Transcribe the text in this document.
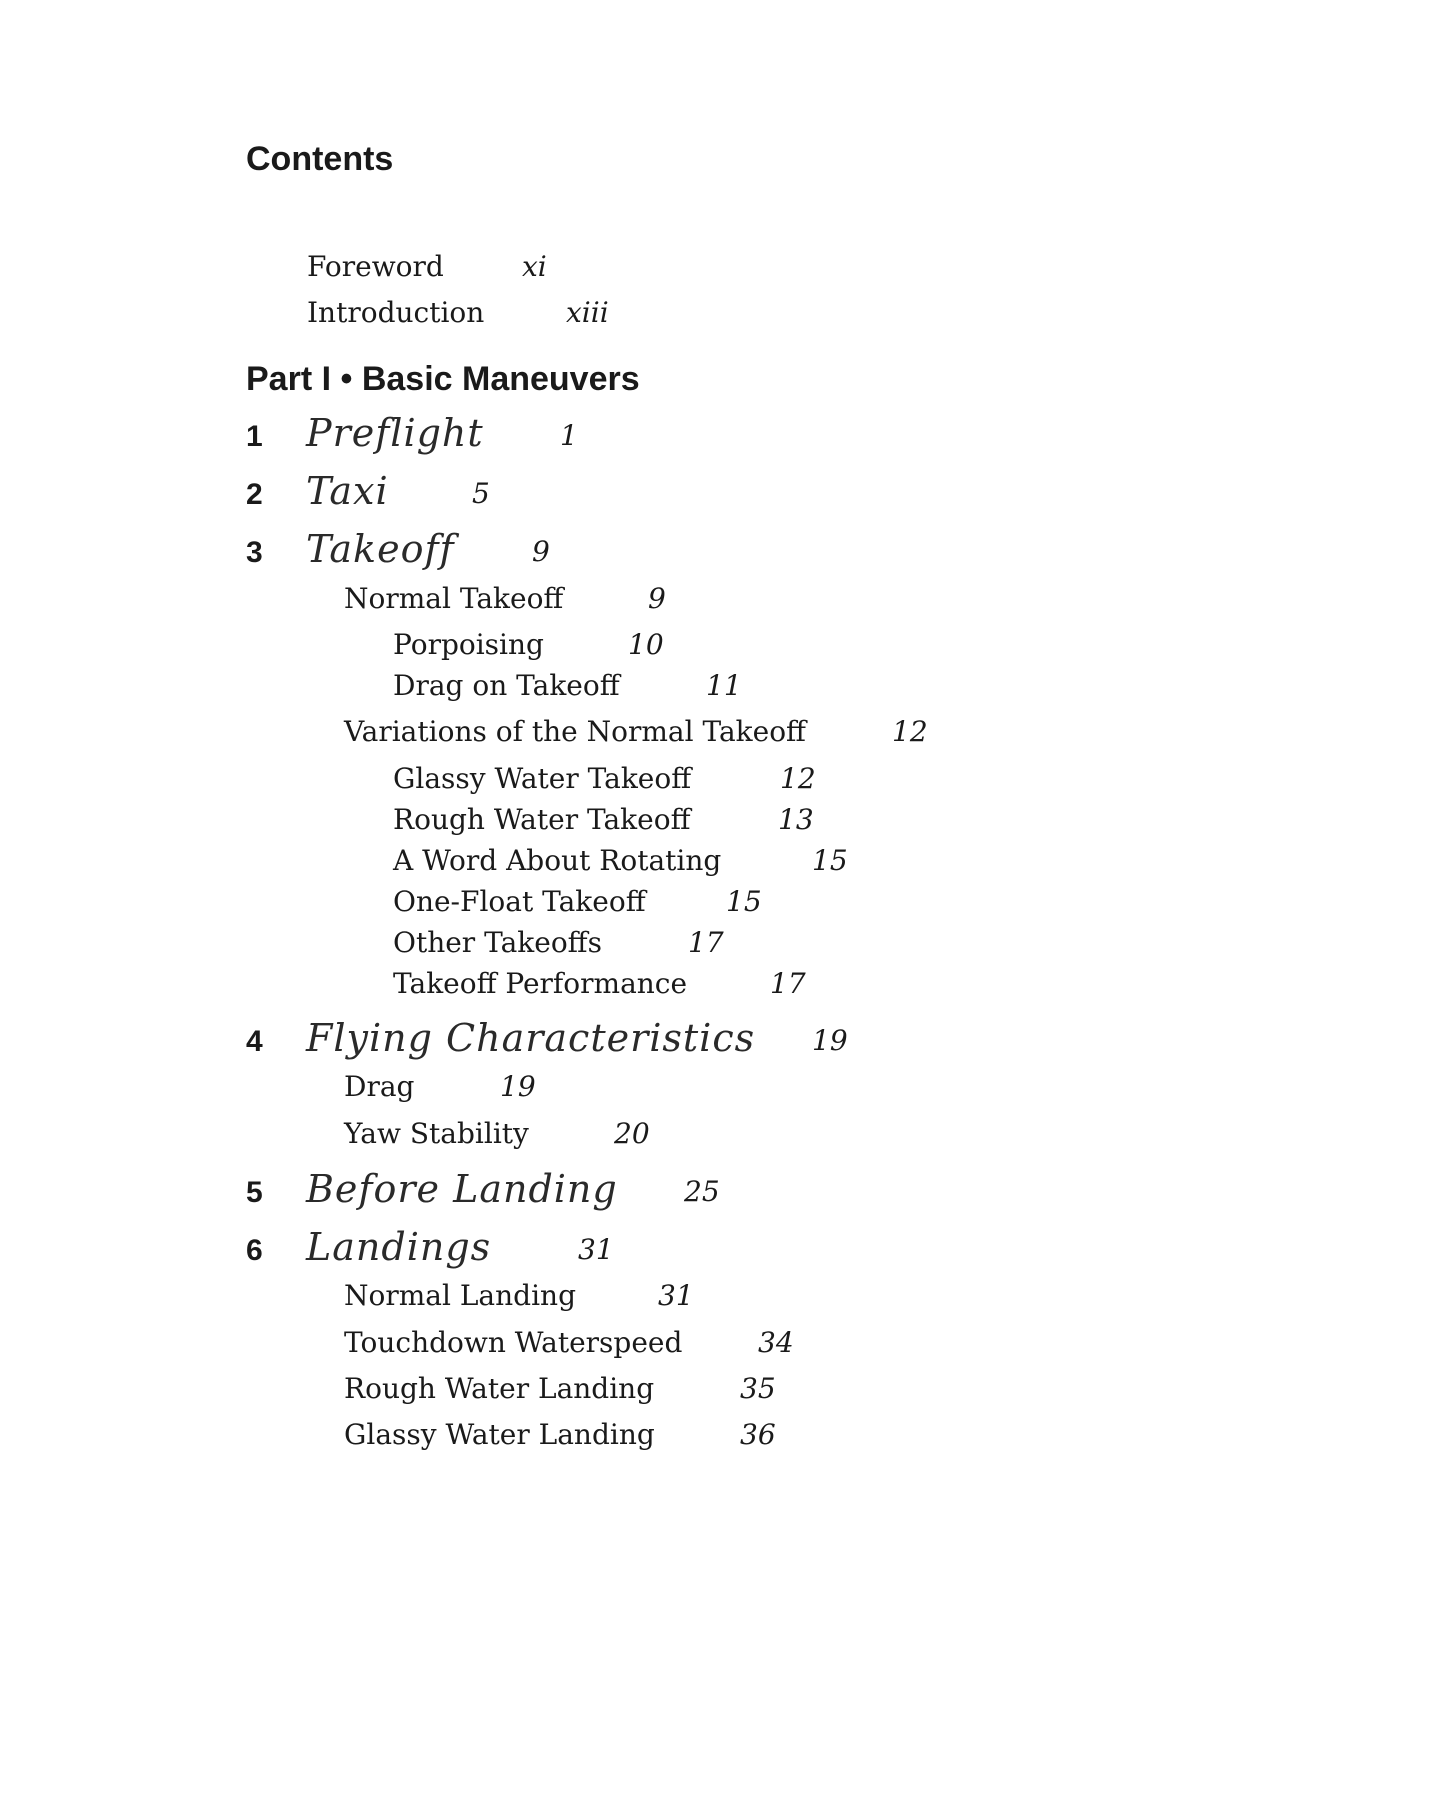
Contents
Foreword	xi
Introduction	xiii
Part I • Basic Maneuvers
1 Preflight	1
2 Taxi	5
3 Takeoff	9
Normal Takeoff	9
Porpoising	10
Drag on Takeoff	11
Variations of the Normal Takeoff	12
Glassy Water Takeoff	12
Rough Water Takeoff	13
A Word About Rotating	15
One-Float Takeoff	15
Other Takeoffs	17
Takeoff Performance	17
4 Flying Characteristics 19
Drag	19
Yaw Stability	20
5 Before Landing 25
6 Landings	31
Normal Landing	31
Touchdown Waterspeed	34
Rough Water Landing	35
Glassy Water Landing	36
